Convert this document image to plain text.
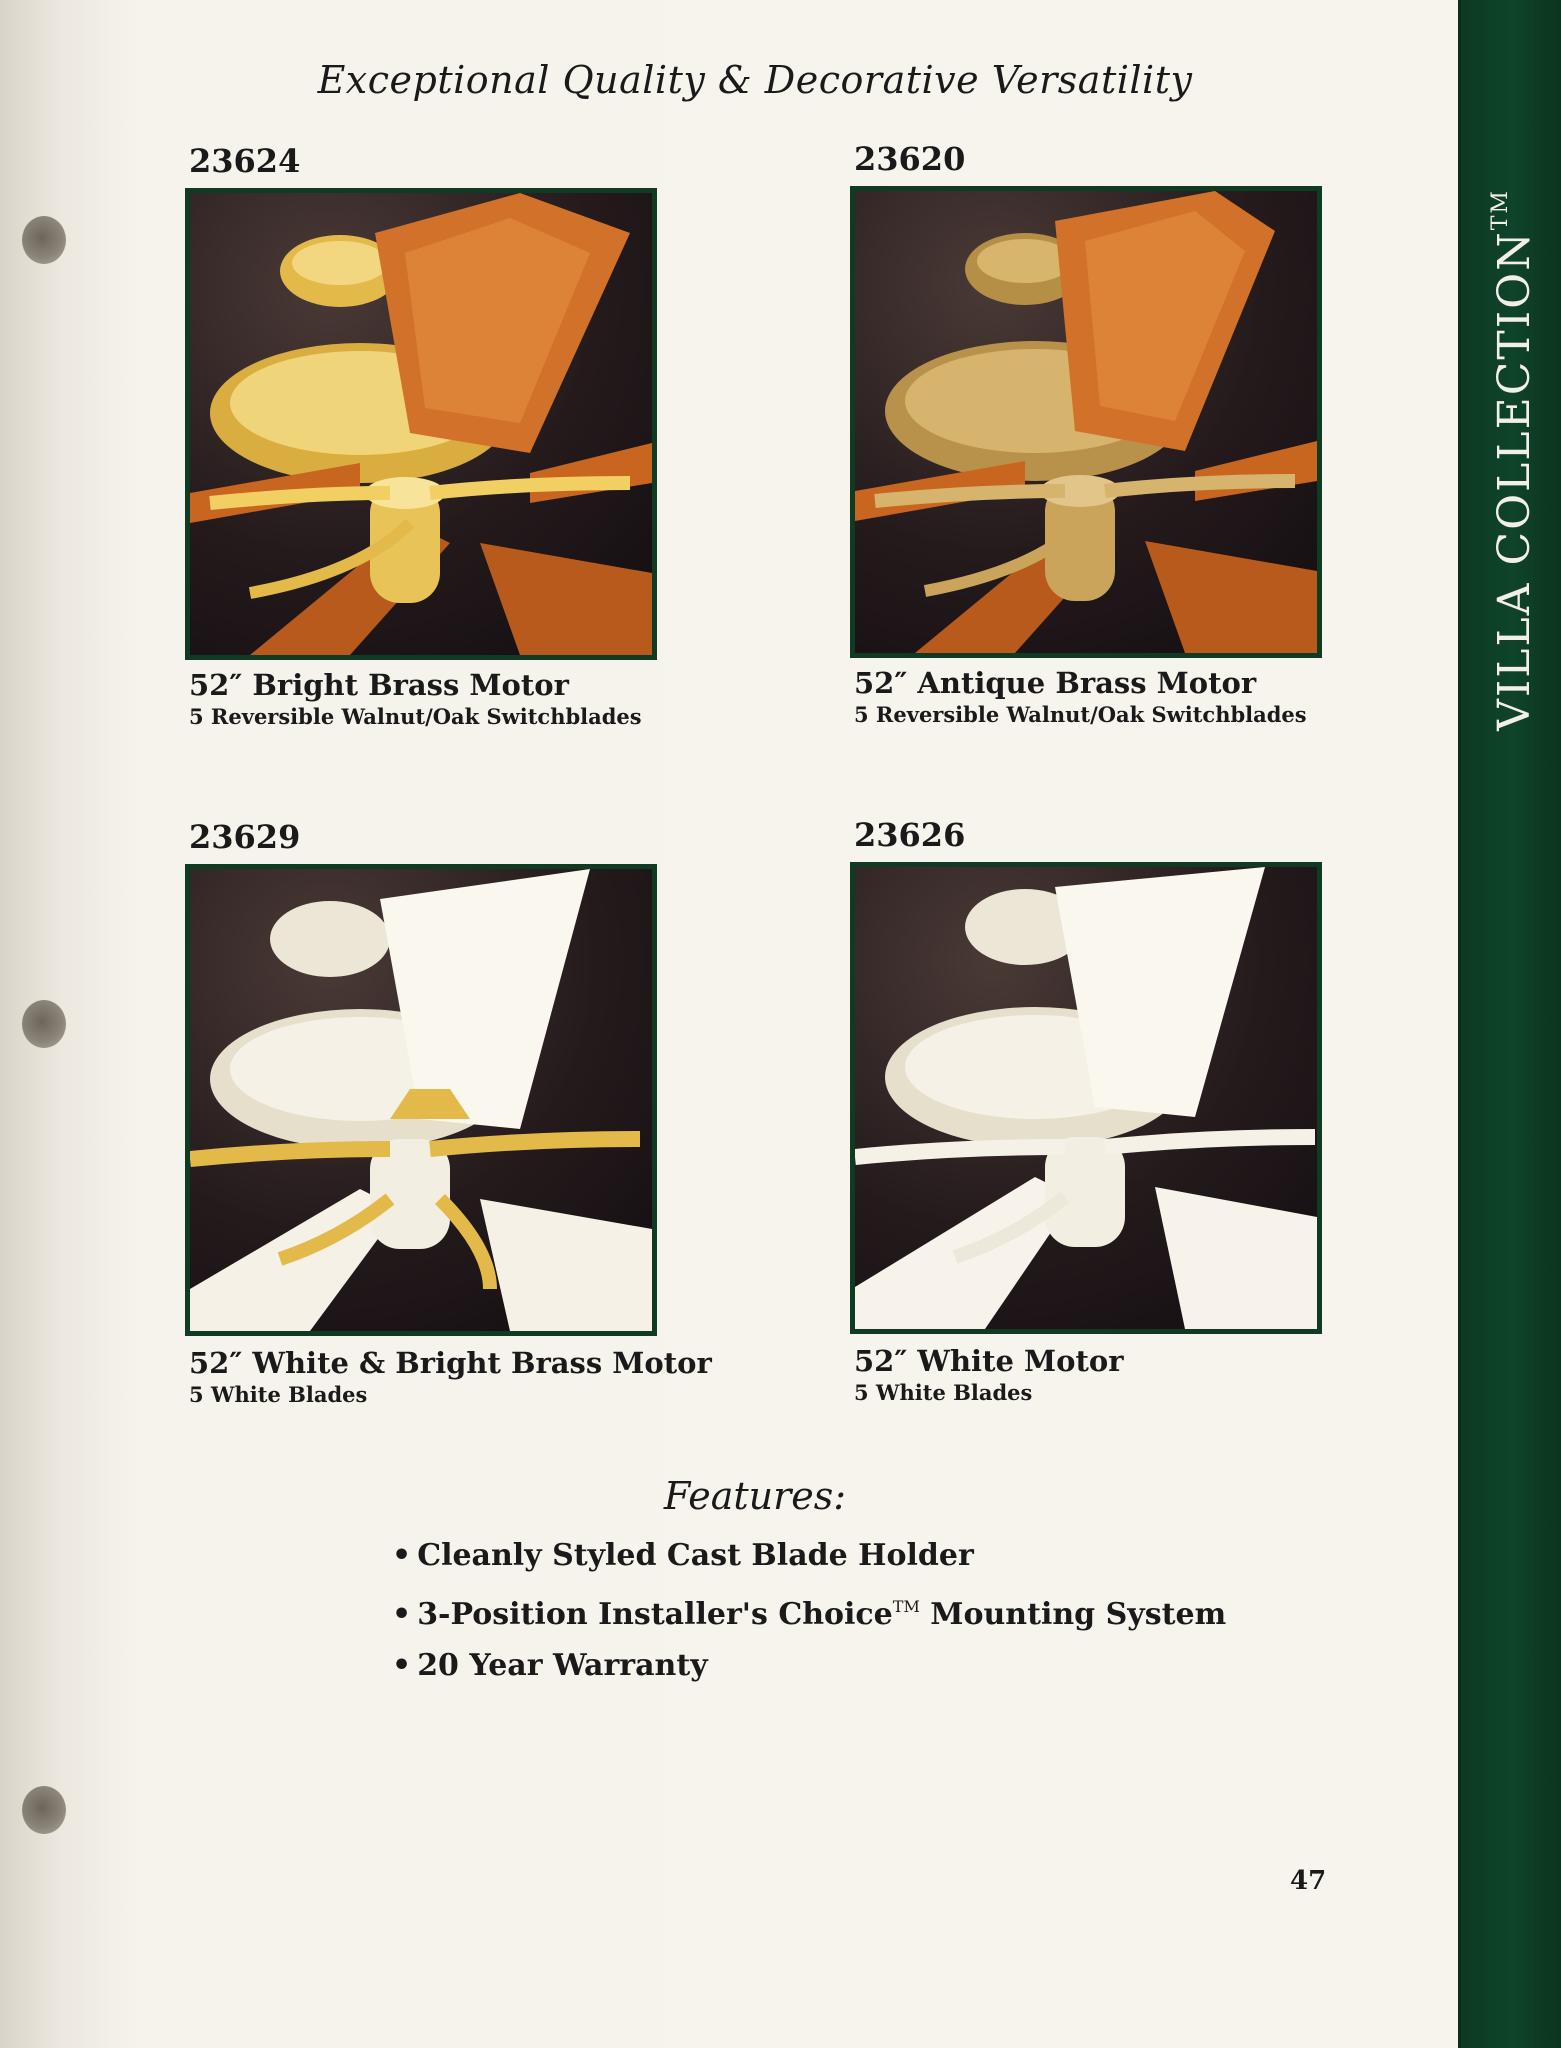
VILLA COLLECTION™
Exceptional Quality & Decorative Versatility
23624
52″ Bright Brass Motor
5 Reversible Walnut/Oak Switchblades
23620
52″ Antique Brass Motor
5 Reversible Walnut/Oak Switchblades
23629
52″ White & Bright Brass Motor
5 White Blades
23626
52″ White Motor
5 White Blades
Features:
• Cleanly Styled Cast Blade Holder
• 3-Position Installer's Choice™ Mounting System
• 20 Year Warranty
47
